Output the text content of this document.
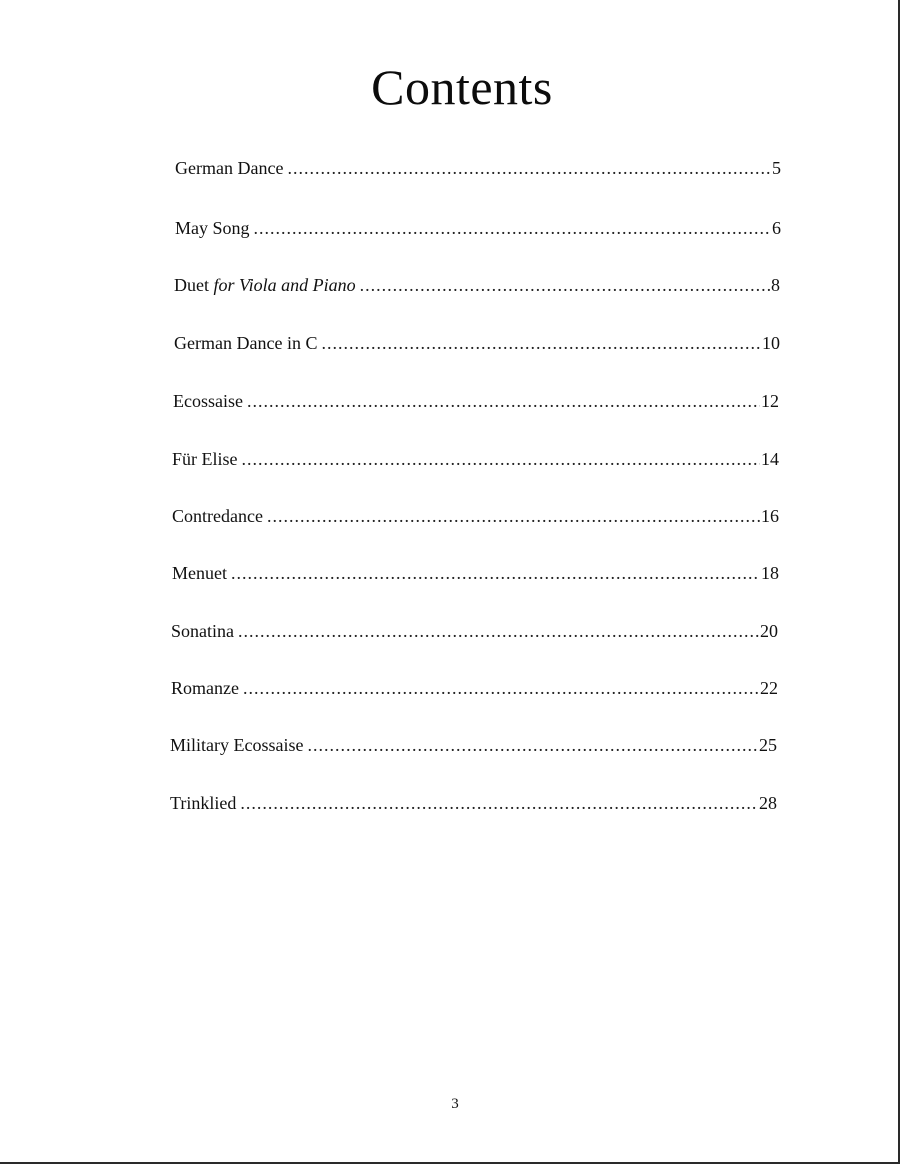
Contents
German Dance .....	5
May Song .....	6
Duet for Viola and Piano .....	8
German Dance in C .....	10
Ecossaise .....	12
Für Elise .....	14
Contredance .....	16
Menuet .....	18
Sonatina .....	20
Romanze .....	22
Military Ecossaise .....	25
Trinklied .....	28
3
